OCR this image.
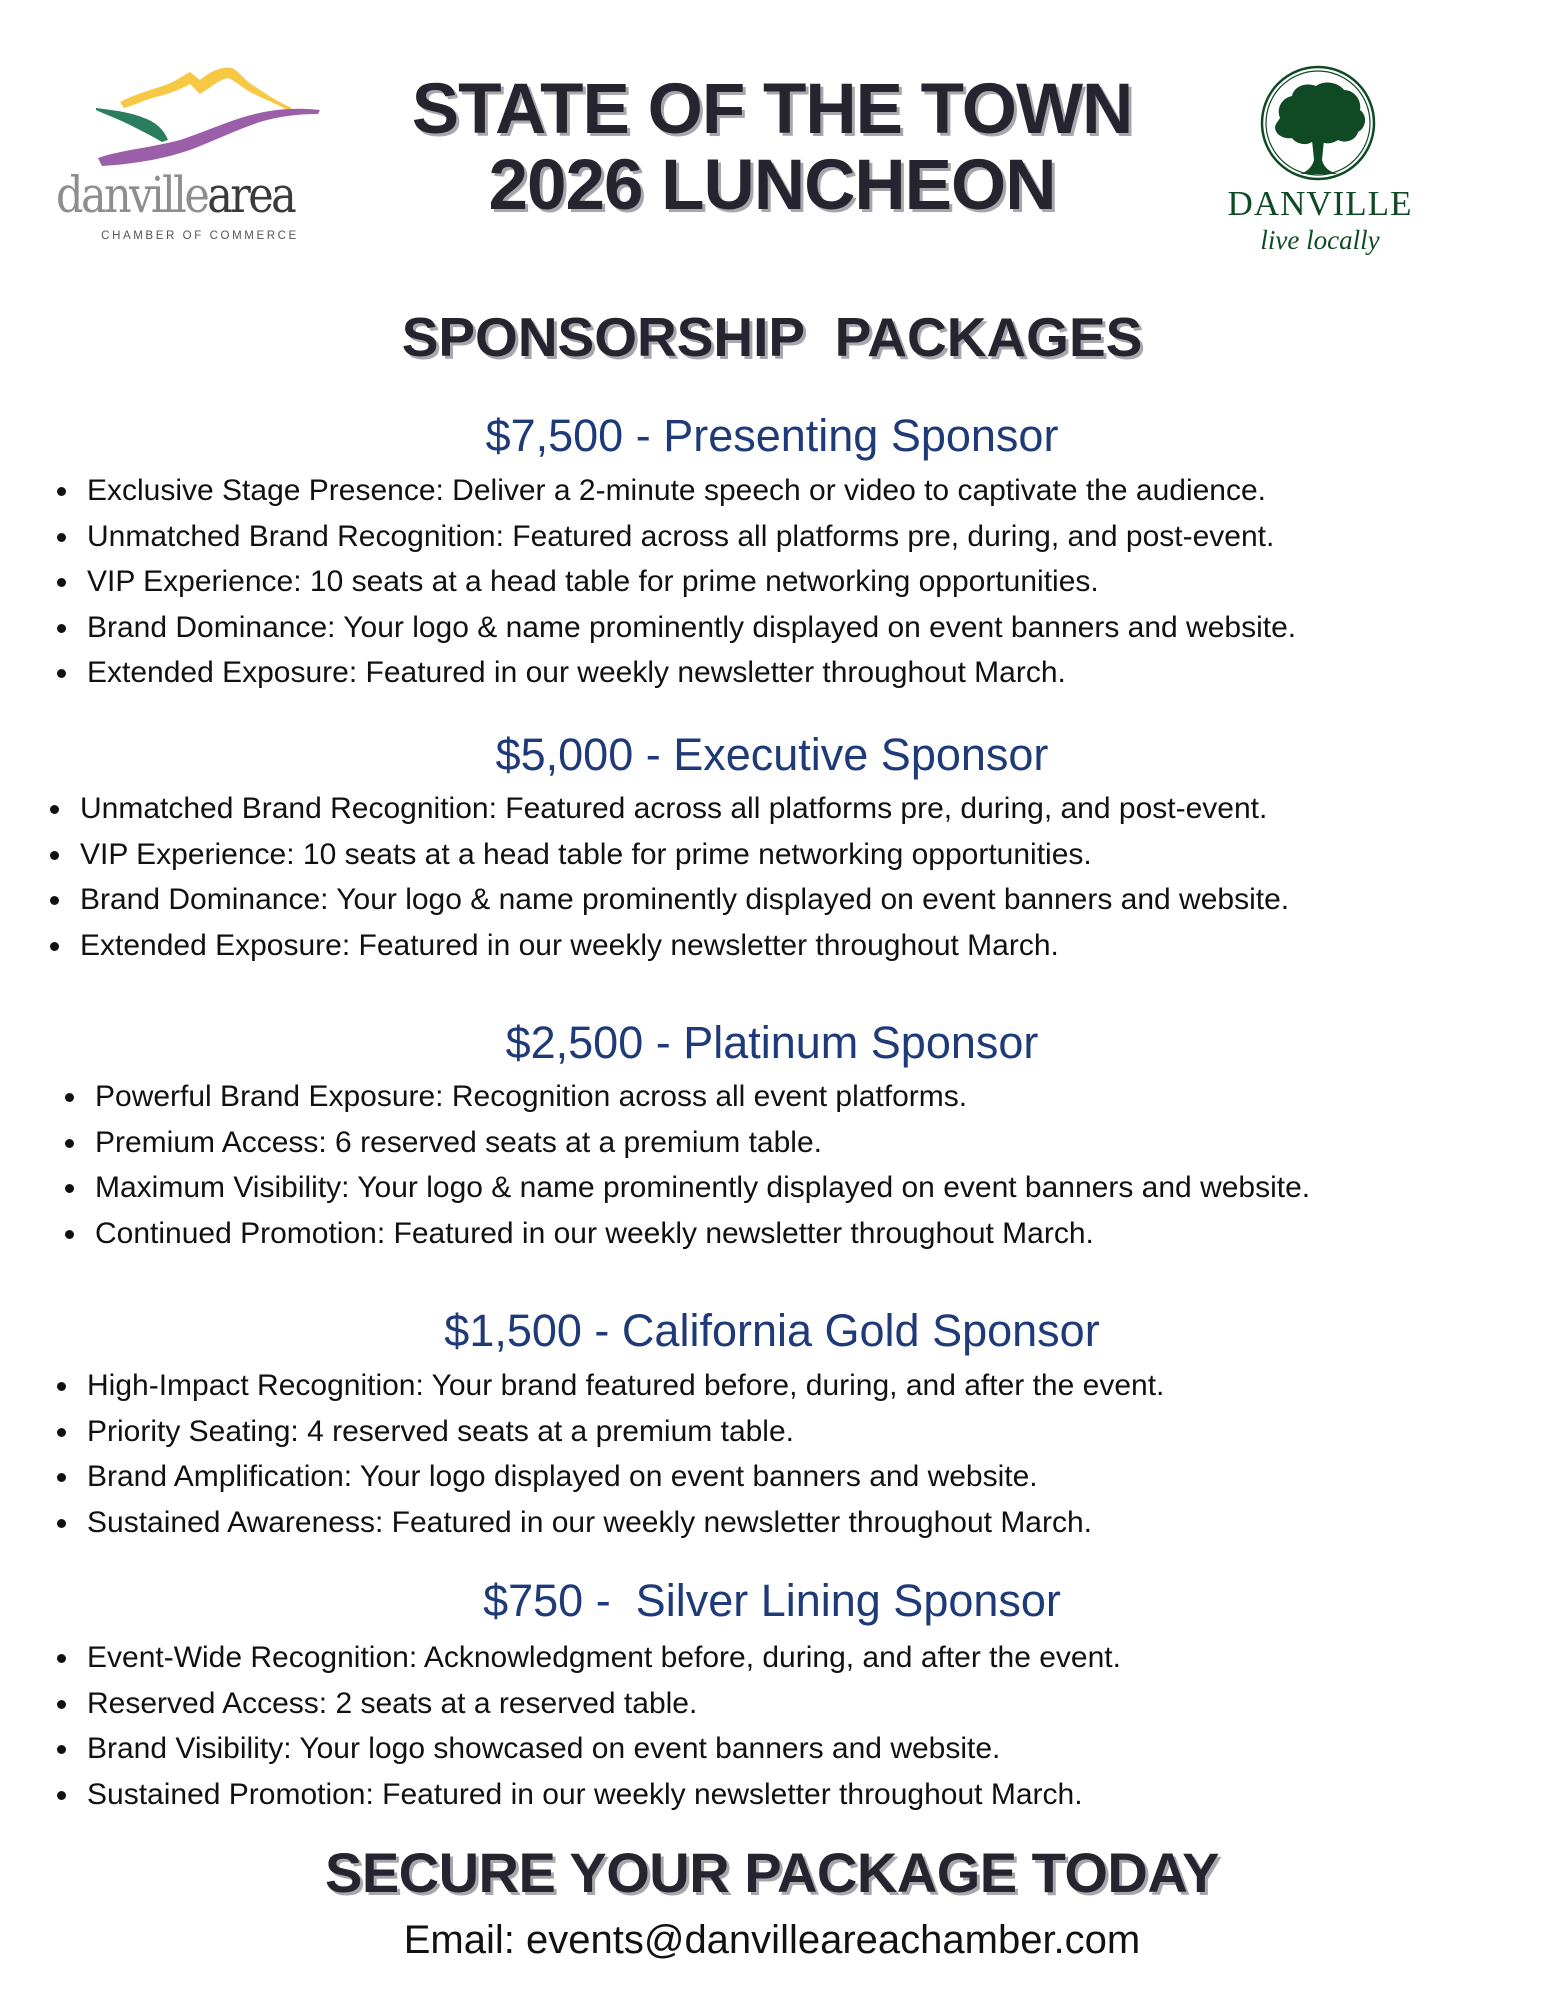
danvillearea
CHAMBER OF COMMERCE
DANVILLE
live locally
STATE OF THE TOWN
2026 LUNCHEON
SPONSORSHIP  PACKAGES
$7,500 - Presenting Sponsor
Exclusive Stage Presence: Deliver a 2-minute speech or video to captivate the audience.
Unmatched Brand Recognition: Featured across all platforms pre, during, and post-event.
VIP Experience: 10 seats at a head table for prime networking opportunities.
Brand Dominance: Your logo & name prominently displayed on event banners and website.
Extended Exposure: Featured in our weekly newsletter throughout March.
$5,000 - Executive Sponsor
Unmatched Brand Recognition: Featured across all platforms pre, during, and post-event.
VIP Experience: 10 seats at a head table for prime networking opportunities.
Brand Dominance: Your logo & name prominently displayed on event banners and website.
Extended Exposure: Featured in our weekly newsletter throughout March.
$2,500 - Platinum Sponsor
Powerful Brand Exposure: Recognition across all event platforms.
Premium Access: 6 reserved seats at a premium table.
Maximum Visibility: Your logo & name prominently displayed on event banners and website.
Continued Promotion: Featured in our weekly newsletter throughout March.
$1,500 - California Gold Sponsor
High-Impact Recognition: Your brand featured before, during, and after the event.
Priority Seating: 4 reserved seats at a premium table.
Brand Amplification: Your logo displayed on event banners and website.
Sustained Awareness: Featured in our weekly newsletter throughout March.
$750 -  Silver Lining Sponsor
Event-Wide Recognition: Acknowledgment before, during, and after the event.
Reserved Access: 2 seats at a reserved table.
Brand Visibility: Your logo showcased on event banners and website.
Sustained Promotion: Featured in our weekly newsletter throughout March.
SECURE YOUR PACKAGE TODAY
Email: events@danvilleareachamber.com
